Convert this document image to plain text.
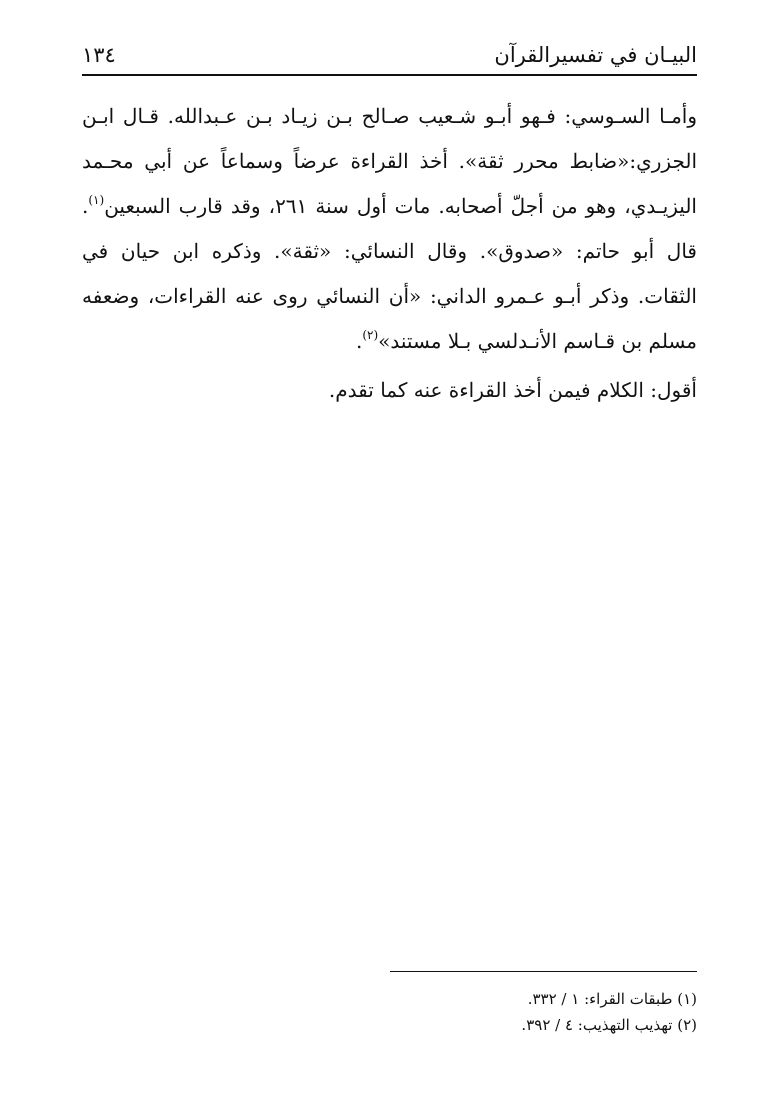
البيـان في تفسيرالقرآن
١٣٤

وأمـا السـوسي: فـهو أبـو شـعيب صـالح بـن زيـاد بـن عـبدالله. قـال ابـن الجزري:«ضابط محرر ثقة». أخذ القراءة عرضاً وسماعاً عن أبي محـمد اليزيـدي، وهو من أجلّ أصحابه. مات أول سنة ٢٦١، وقد قارب السبعين$^{(١)}$. قال أبو حاتم: «صدوق». وقال النسائي: «ثقة». وذكره ابن حيان في الثقات. وذكر أبـو عـمرو الداني: «أن النسائي روى عنه القراءات، وضعفه مسلم بن قـاسم الأنـدلسي بـلا مستند»$^{(٢)}$.

أقول: الكلام فيمن أخذ القراءة عنه كما تقدم.

(١) طبقات القراء: ١ / ٣٣٢.
(٢) تهذيب التهذيب: ٤ / ٣٩٢.
